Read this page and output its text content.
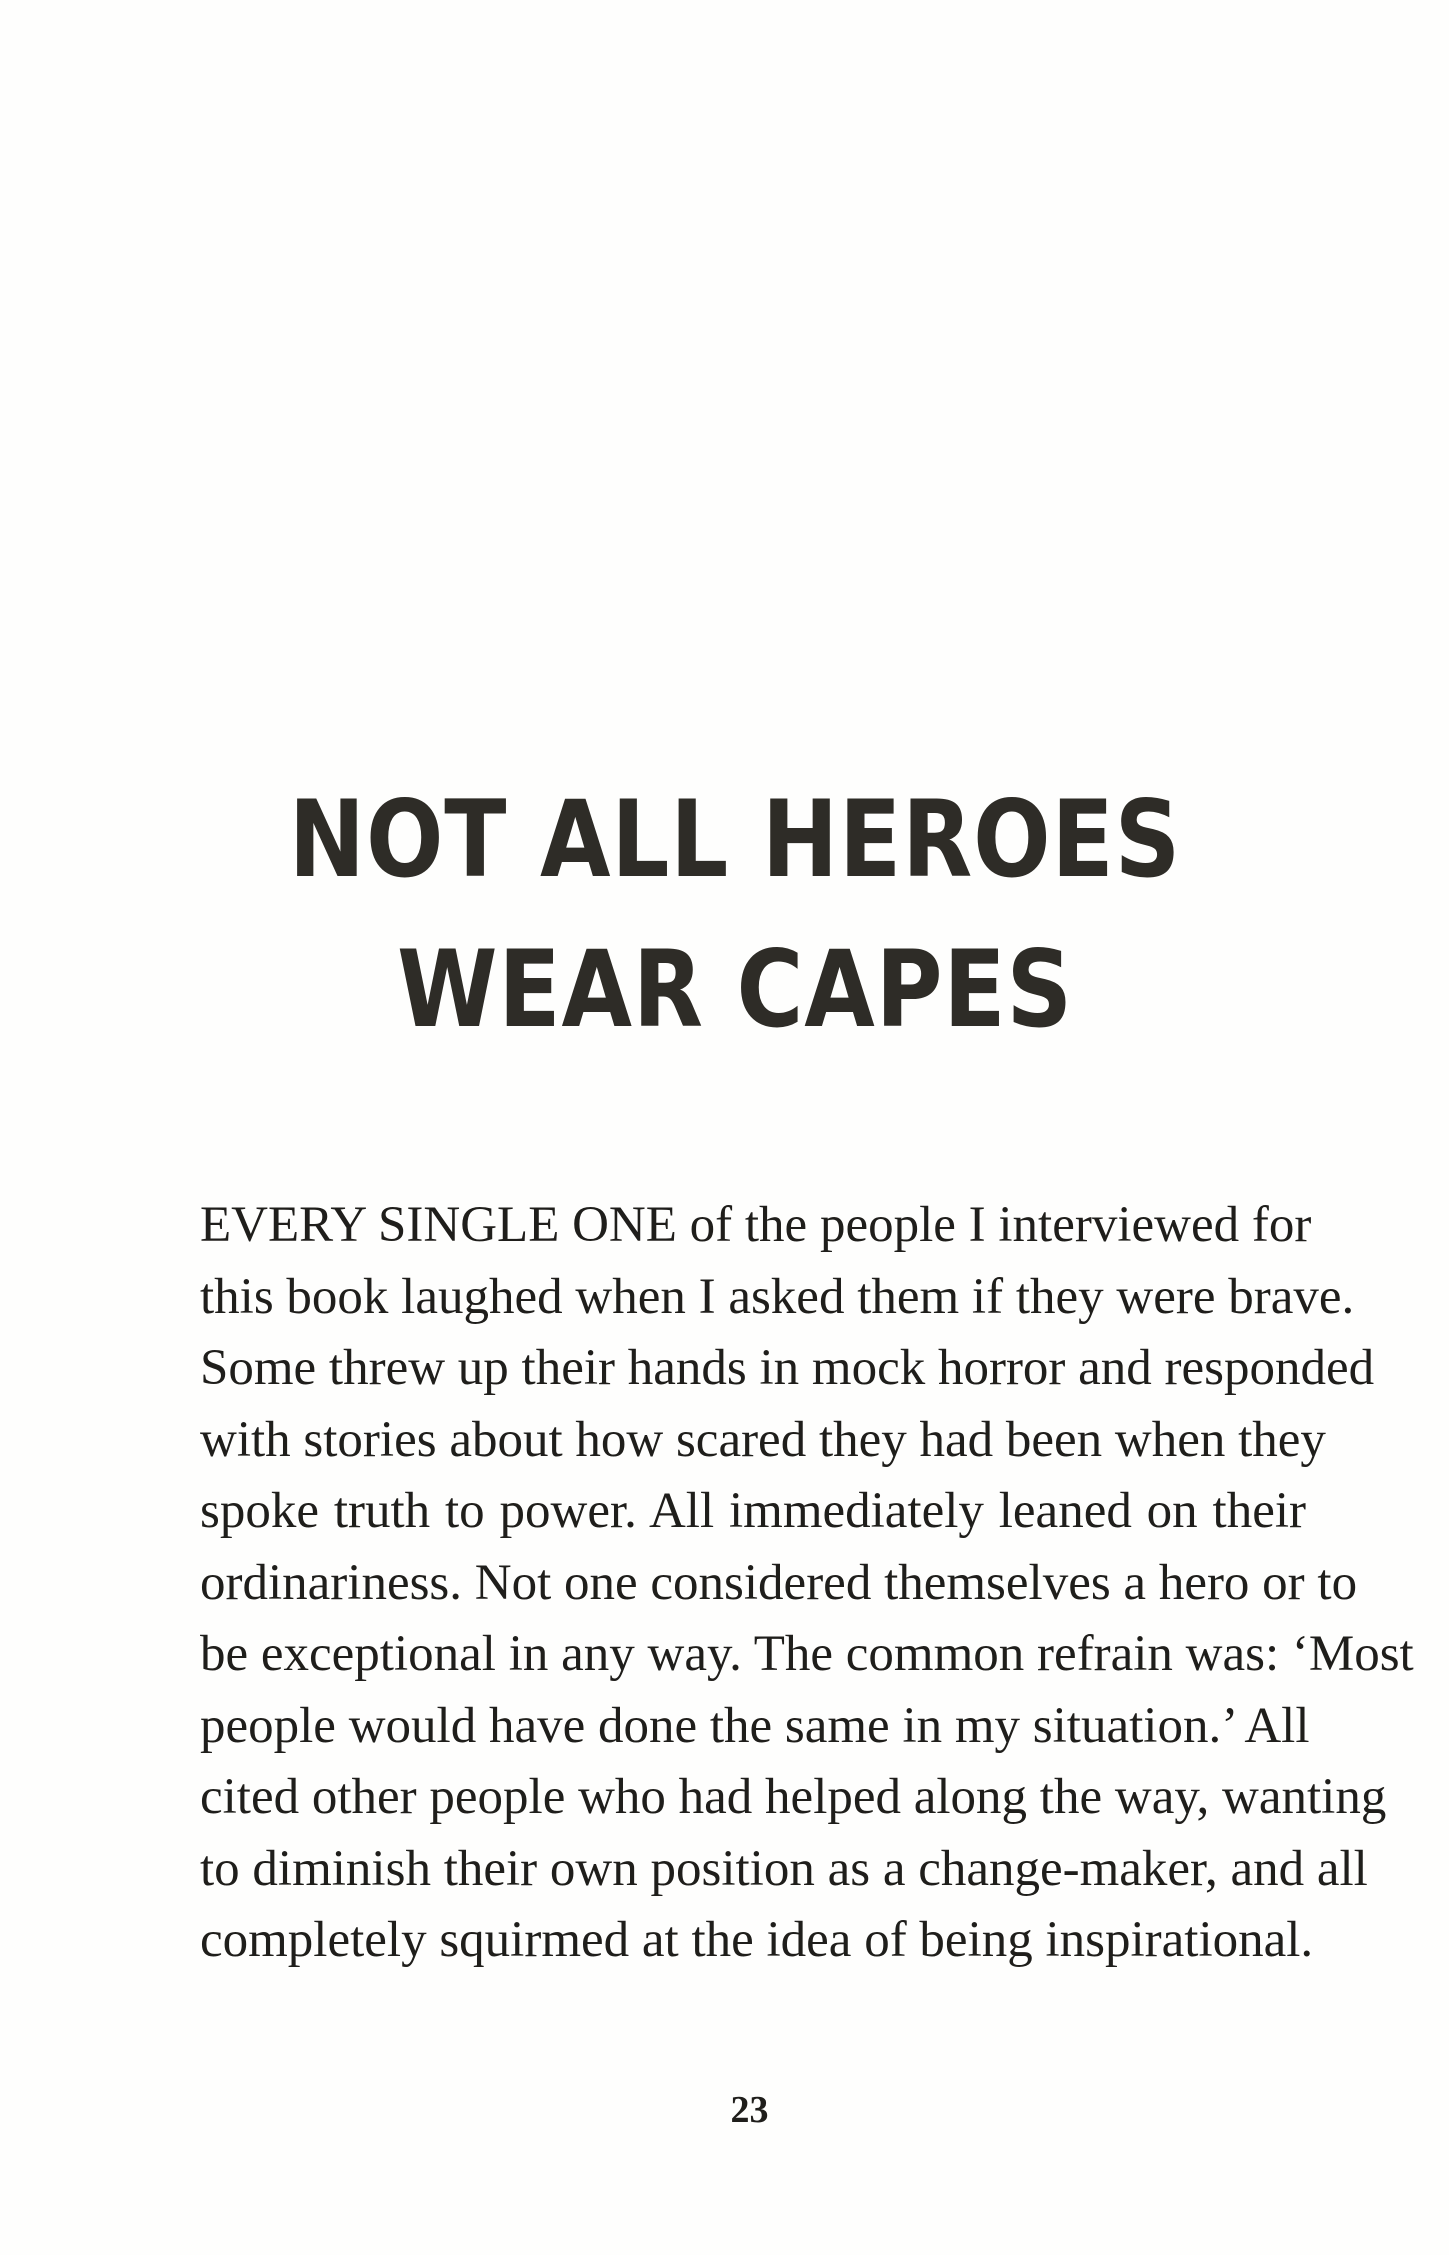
NOT ALL HEROES
WEAR CAPES
EVERY SINGLE ONE of the people I interviewed for
this book laughed when I asked them if they were brave.
Some threw up their hands in mock horror and responded
with stories about how scared they had been when they
spoke truth to power. All immediately leaned on their
ordinariness. Not one considered themselves a hero or to
be exceptional in any way. The common refrain was: ‘Most
people would have done the same in my situation.’ All
cited other people who had helped along the way, wanting
to diminish their own position as a change-maker, and all
completely squirmed at the idea of being inspirational.
23
